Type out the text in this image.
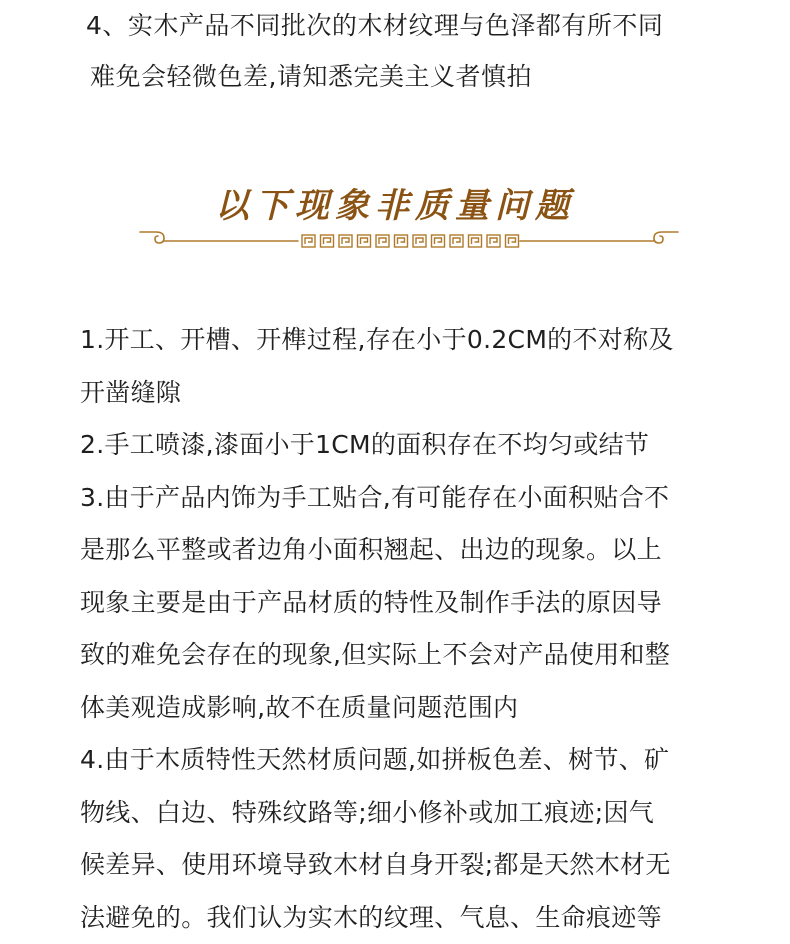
4、实木产品不同批次的木材纹理与色泽都有所不同
难免会轻微色差,请知悉完美主义者慎拍
以下现象非质量问题
1.开工、开槽、开榫过程,存在小于0.2CM的不对称及
开凿缝隙
2.手工喷漆,漆面小于1CM的面积存在不均匀或结节
3.由于产品内饰为手工贴合,有可能存在小面积贴合不
是那么平整或者边角小面积翘起、出边的现象。以上
现象主要是由于产品材质的特性及制作手法的原因导
致的难免会存在的现象,但实际上不会对产品使用和整
体美观造成影响,故不在质量问题范围内
4.由于木质特性天然材质问题,如拼板色差、树节、矿
物线、白边、特殊纹路等;细小修补或加工痕迹;因气
候差异、使用环境导致木材自身开裂;都是天然木材无
法避免的。我们认为实木的纹理、气息、生命痕迹等
